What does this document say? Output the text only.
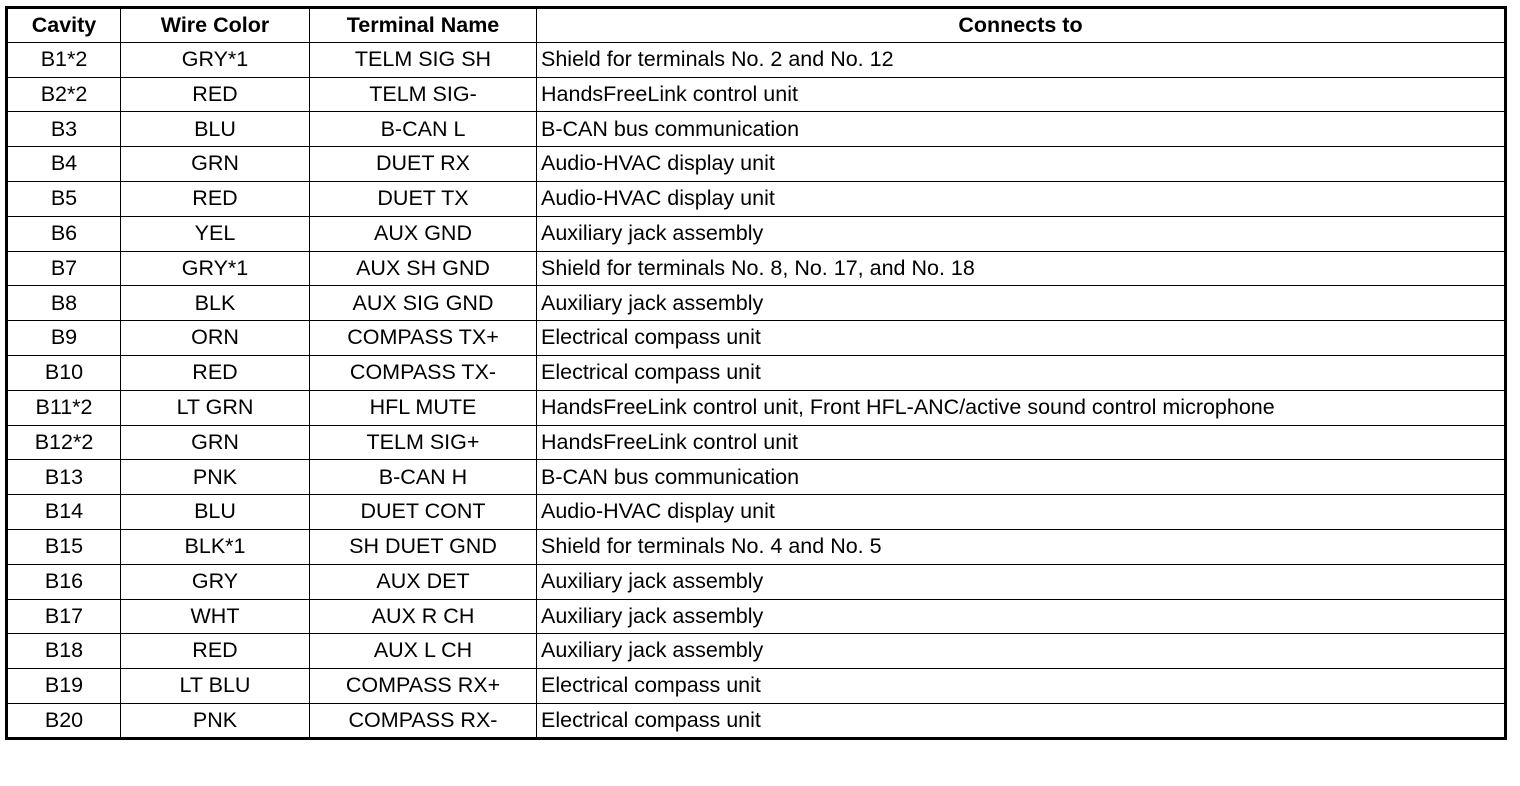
Cavity	Wire Color	Terminal Name	Connects to
B1*2	GRY*1	TELM SIG SH	Shield for terminals No. 2 and No. 12
B2*2	RED	TELM SIG-	HandsFreeLink control unit
B3	BLU	B-CAN L	B-CAN bus communication
B4	GRN	DUET RX	Audio-HVAC display unit
B5	RED	DUET TX	Audio-HVAC display unit
B6	YEL	AUX GND	Auxiliary jack assembly
B7	GRY*1	AUX SH GND	Shield for terminals No. 8, No. 17, and No. 18
B8	BLK	AUX SIG GND	Auxiliary jack assembly
B9	ORN	COMPASS TX+	Electrical compass unit
B10	RED	COMPASS TX-	Electrical compass unit
B11*2	LT GRN	HFL MUTE	HandsFreeLink control unit, Front HFL-ANC/active sound control microphone
B12*2	GRN	TELM SIG+	HandsFreeLink control unit
B13	PNK	B-CAN H	B-CAN bus communication
B14	BLU	DUET CONT	Audio-HVAC display unit
B15	BLK*1	SH DUET GND	Shield for terminals No. 4 and No. 5
B16	GRY	AUX DET	Auxiliary jack assembly
B17	WHT	AUX R CH	Auxiliary jack assembly
B18	RED	AUX L CH	Auxiliary jack assembly
B19	LT BLU	COMPASS RX+	Electrical compass unit
B20	PNK	COMPASS RX-	Electrical compass unit
